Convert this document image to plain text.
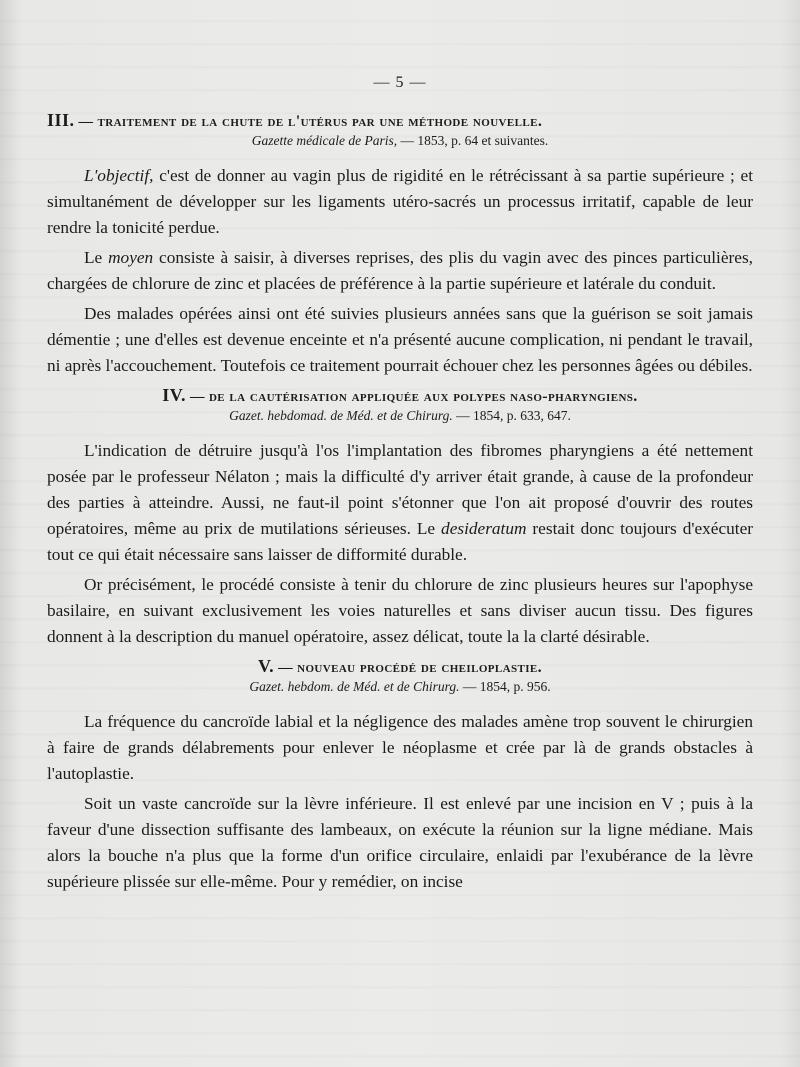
— 5 —
III. — traitement de la chute de l'utérus par une méthode nouvelle.
Gazette médicale de Paris, — 1853, p. 64 et suivantes.

L'objectif, c'est de donner au vagin plus de rigidité en le rétrécissant à sa partie supérieure ; et simultanément de développer sur les ligaments utéro-sacrés un processus irritatif, capable de leur rendre la tonicité perdue.

Le moyen consiste à saisir, à diverses reprises, des plis du vagin avec des pinces particulières, chargées de chlorure de zinc et placées de préférence à la partie supérieure et latérale du conduit.

Des malades opérées ainsi ont été suivies plusieurs années sans que la guérison se soit jamais démentie ; une d'elles est devenue enceinte et n'a présenté aucune complication, ni pendant le travail, ni après l'accouchement. Toutefois ce traitement pourrait échouer chez les personnes âgées ou débiles.

IV. — de la cautérisation appliquée aux polypes naso-pharyngiens.
Gazet. hebdomad. de Méd. et de Chirurg. — 1854, p. 633, 647.

L'indication de détruire jusqu'à l'os l'implantation des fibromes pharyngiens a été nettement posée par le professeur Nélaton ; mais la difficulté d'y arriver était grande, à cause de la profondeur des parties à atteindre. Aussi, ne faut-il point s'étonner que l'on ait proposé d'ouvrir des routes opératoires, même au prix de mutilations sérieuses. Le desideratum restait donc toujours d'exécuter tout ce qui était nécessaire sans laisser de difformité durable.

Or précisément, le procédé consiste à tenir du chlorure de zinc plusieurs heures sur l'apophyse basilaire, en suivant exclusivement les voies naturelles et sans diviser aucun tissu. Des figures donnent à la description du manuel opératoire, assez délicat, toute la la clarté désirable.

V. — nouveau procédé de cheiloplastie.
Gazet. hebdom. de Méd. et de Chirurg. — 1854, p. 956.

La fréquence du cancroïde labial et la négligence des malades amène trop souvent le chirurgien à faire de grands délabrements pour enlever le néoplasme et crée par là de grands obstacles à l'autoplastie.

Soit un vaste cancroïde sur la lèvre inférieure. Il est enlevé par une incision en V ; puis à la faveur d'une dissection suffisante des lambeaux, on exécute la réunion sur la ligne médiane. Mais alors la bouche n'a plus que la forme d'un orifice circulaire, enlaidi par l'exubérance de la lèvre supérieure plissée sur elle-même. Pour y remédier, on incise
